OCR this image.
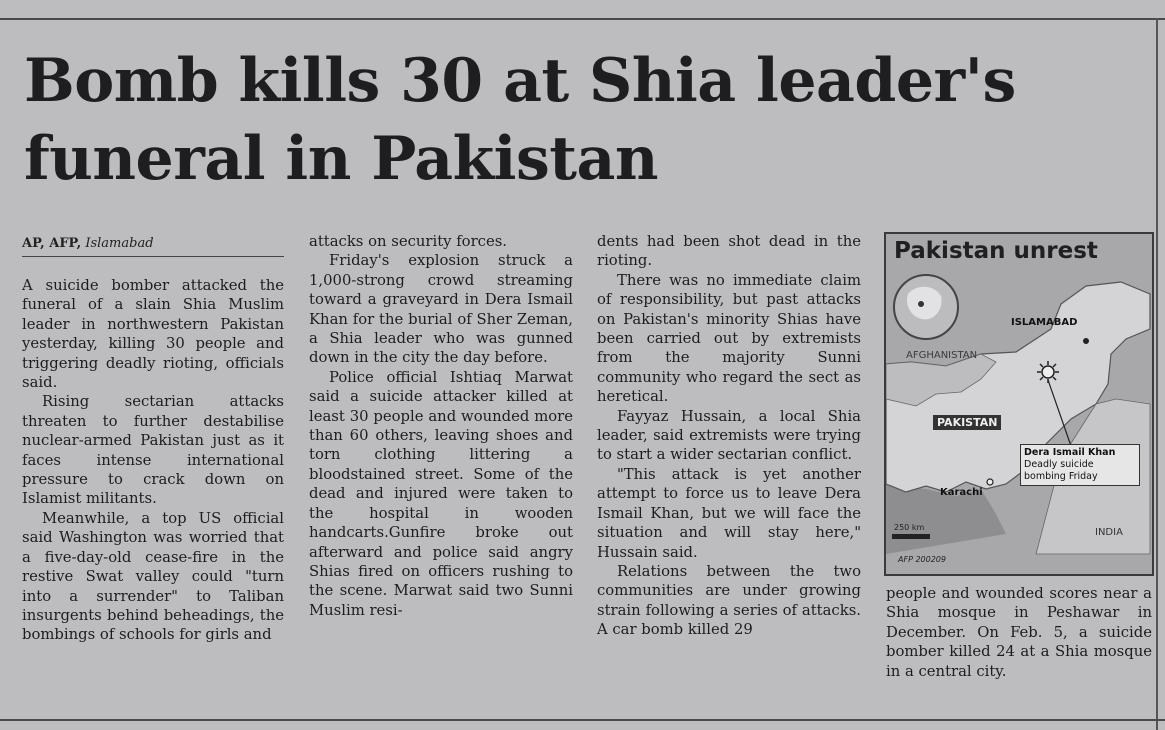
Bomb kills 30 at Shia leader's
funeral in Pakistan
AP, AFP, Islamabad

A suicide bomber attacked the funeral of a slain Shia Muslim leader in northwestern Pakistan yesterday, killing 30 people and triggering deadly rioting, officials said.

Rising sectarian attacks threaten to further destabilise nuclear-armed Pakistan just as it faces intense international pressure to crack down on Islamist militants.

Meanwhile, a top US official said Washington was worried that a five-day-old cease-fire in the restive Swat valley could "turn into a surrender" to Taliban insurgents behind beheadings, the bombings of schools for girls and

attacks on security forces.

Friday's explosion struck a 1,000-strong crowd streaming toward a graveyard in Dera Ismail Khan for the burial of Sher Zeman, a Shia leader who was gunned down in the city the day before.

Police official Ishtiaq Marwat said a suicide attacker killed at least 30 people and wounded more than 60 others, leaving shoes and torn clothing littering a bloodstained street. Some of the dead and injured were taken to the hospital in wooden handcarts.Gunfire broke out afterward and police said angry Shias fired on officers rushing to the scene. Marwat said two Sunni Muslim resi-

dents had been shot dead in the rioting.

There was no immediate claim of responsibility, but past attacks on Pakistan's minority Shias have been carried out by extremists from the majority Sunni community who regard the sect as heretical.

Fayyaz Hussain, a local Shia leader, said extremists were trying to start a wider sectarian conflict.

"This attack is yet another attempt to force us to leave Dera Ismail Khan, but we will face the situation and will stay here," Hussain said.

Relations between the two communities are under growing strain following a series of attacks. A car bomb killed 29

Pakistan unrest
ISLAMABAD
AFGHANISTAN
PAKISTAN
Dera Ismail Khan
Deadly suicide bombing Friday
Karachi
INDIA
250 km
AFP 200209

people and wounded scores near a Shia mosque in Peshawar in December. On Feb. 5, a suicide bomber killed 24 at a Shia mosque in a central city.
